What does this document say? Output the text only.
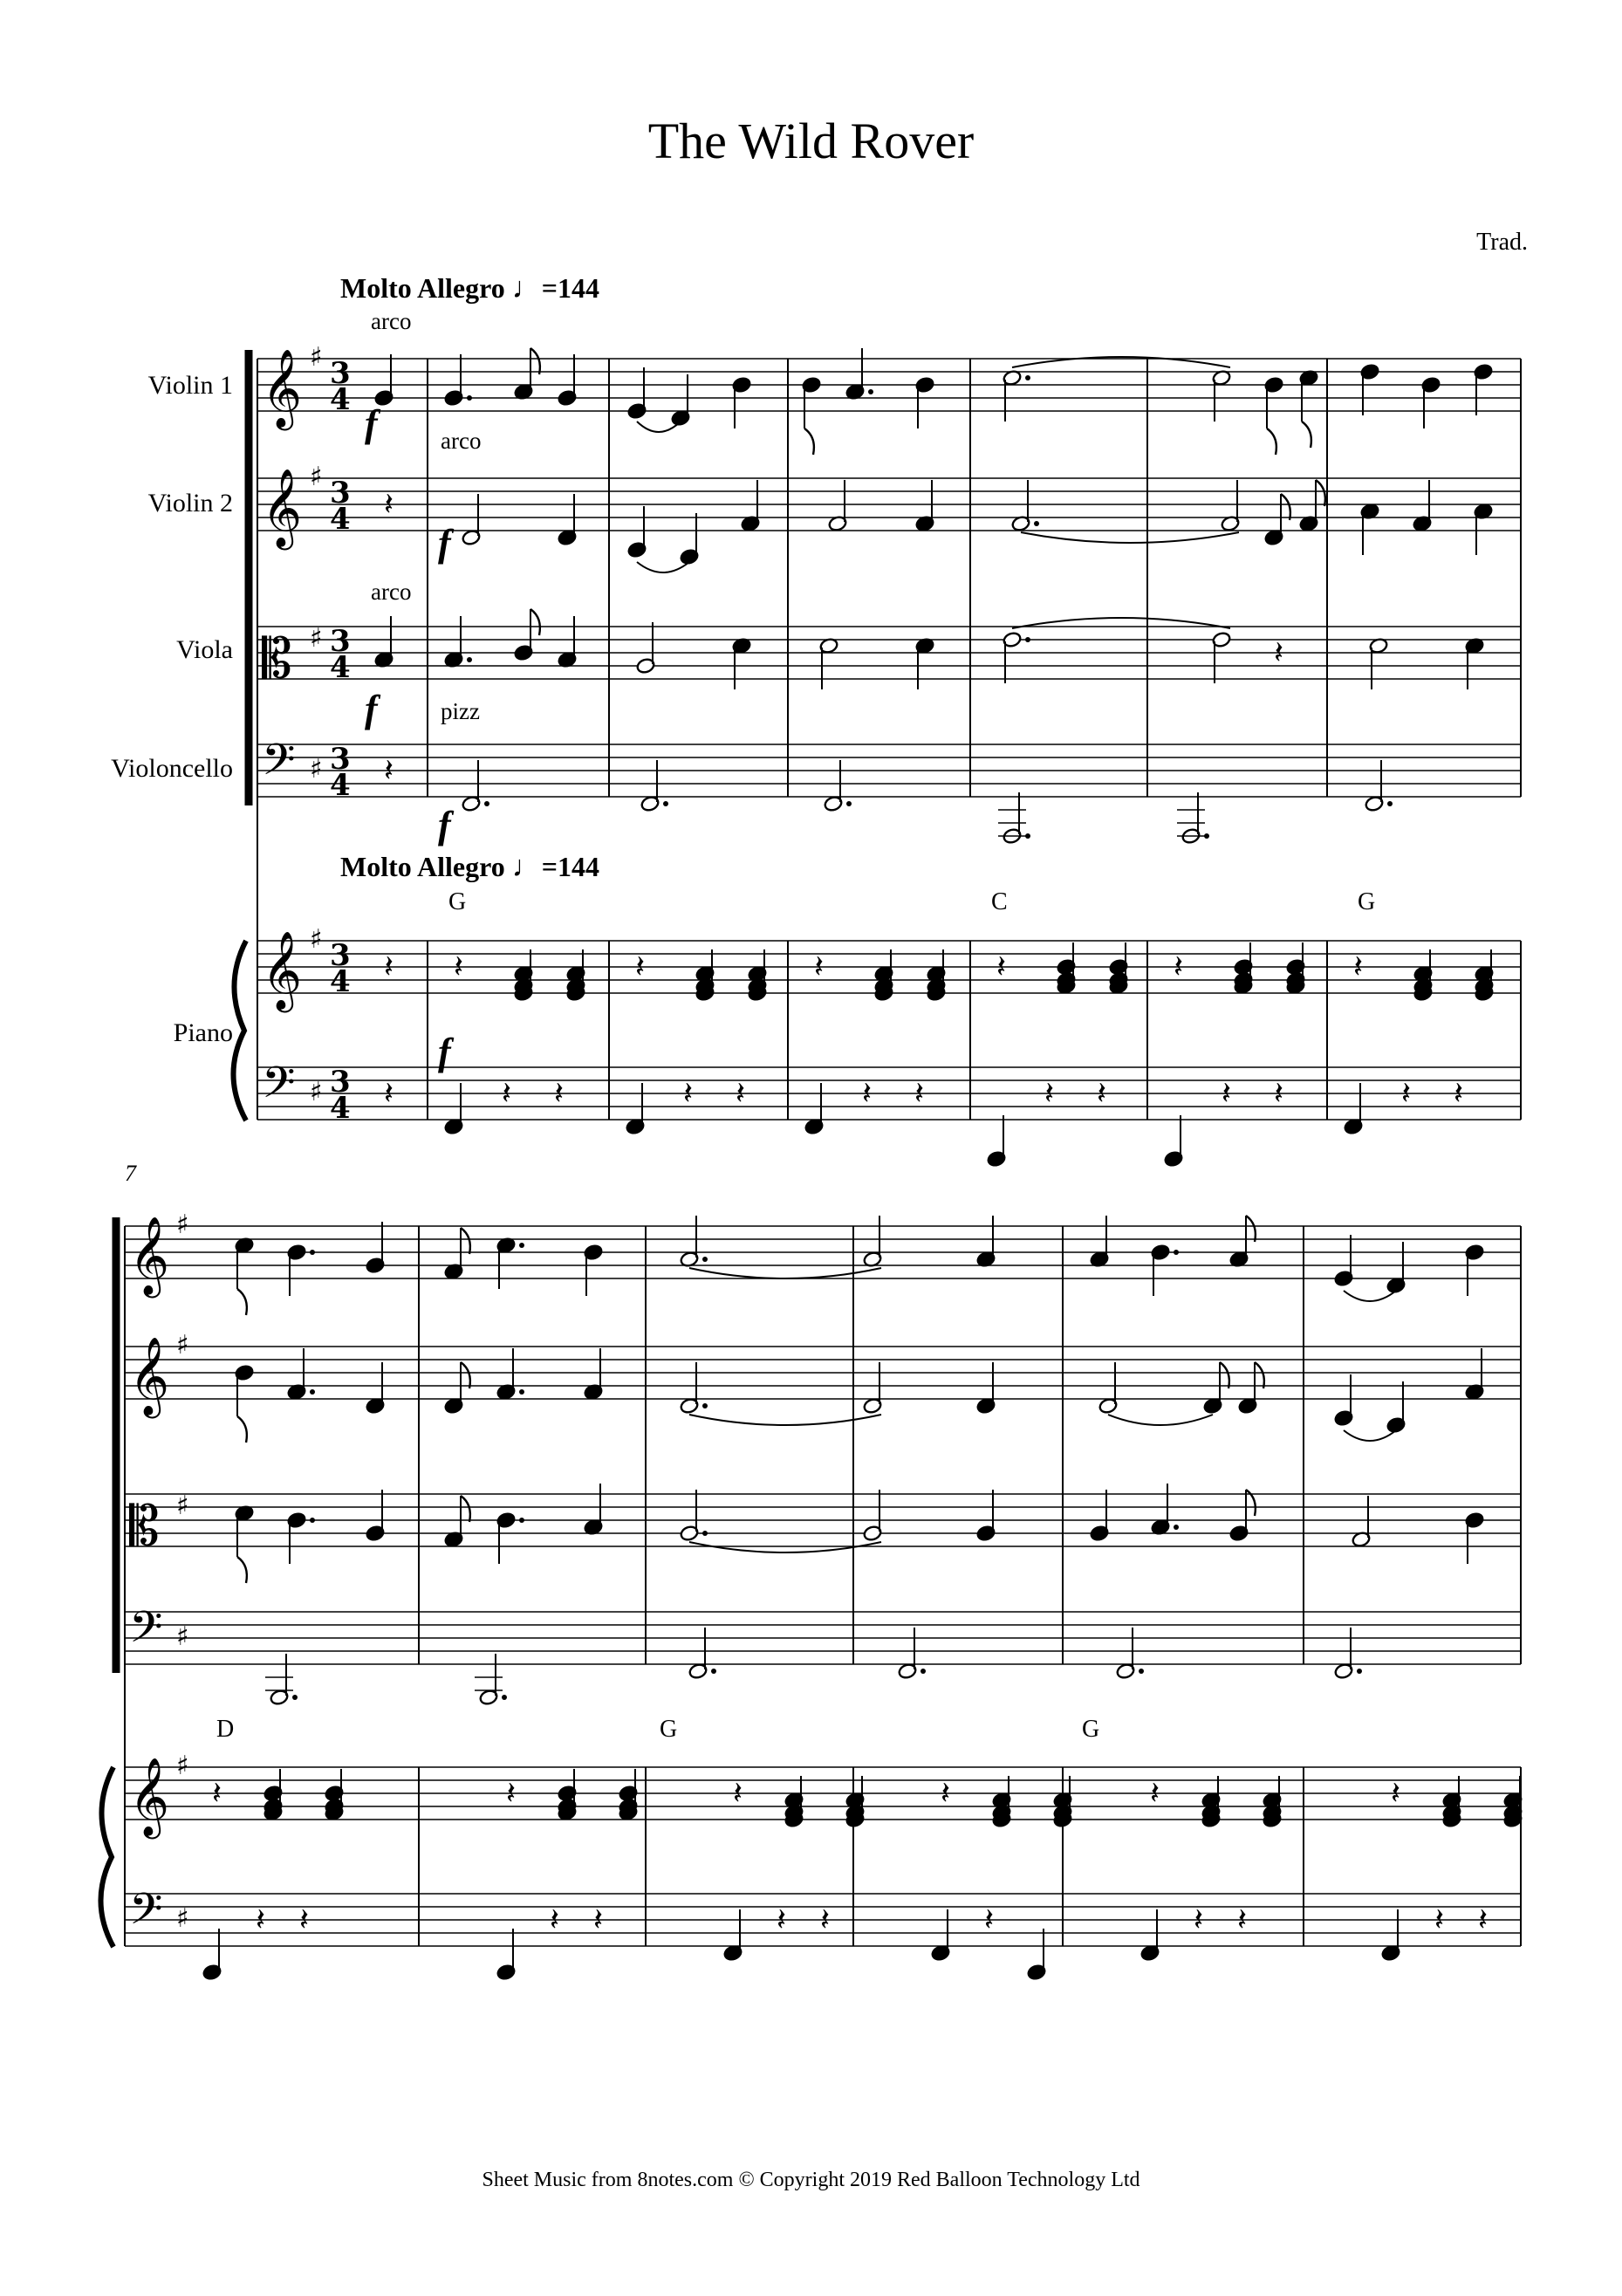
𝄞 ♯ 3
4
𝄞 ♯ 3
4
𝄡 ♯ 3
4
𝄢 ♯ 3
4
𝄞 ♯ 3
4
𝄢 ♯ 3
4
𝄽
𝄽
𝄽
𝄽 𝄽	𝄽	𝄽	𝄽	𝄽	𝄽
𝄽	𝄽 𝄽	𝄽 𝄽	𝄽 𝄽	𝄽 𝄽	𝄽 𝄽	𝄽 𝄽
𝄞 ♯
𝄞 ♯
𝄡 ♯
𝄢 ♯
𝄞 ♯
𝄢 ♯
𝄽	𝄽	𝄽	𝄽	𝄽	𝄽
𝄽 𝄽	𝄽 𝄽	𝄽 𝄽	𝄽	𝄽 𝄽	𝄽 𝄽
The Wild Rover
Trad.
Molto Allegro ♩=144
Molto Allegro ♩=144
Violin 1
Violin 2
Viola
Violoncello
Piano
arco
arco
arco
pizz
f
f
f
f
f
G	C	G
D	G	G
7
Sheet Music from 8notes.com © Copyright 2019 Red Balloon Technology Ltd
